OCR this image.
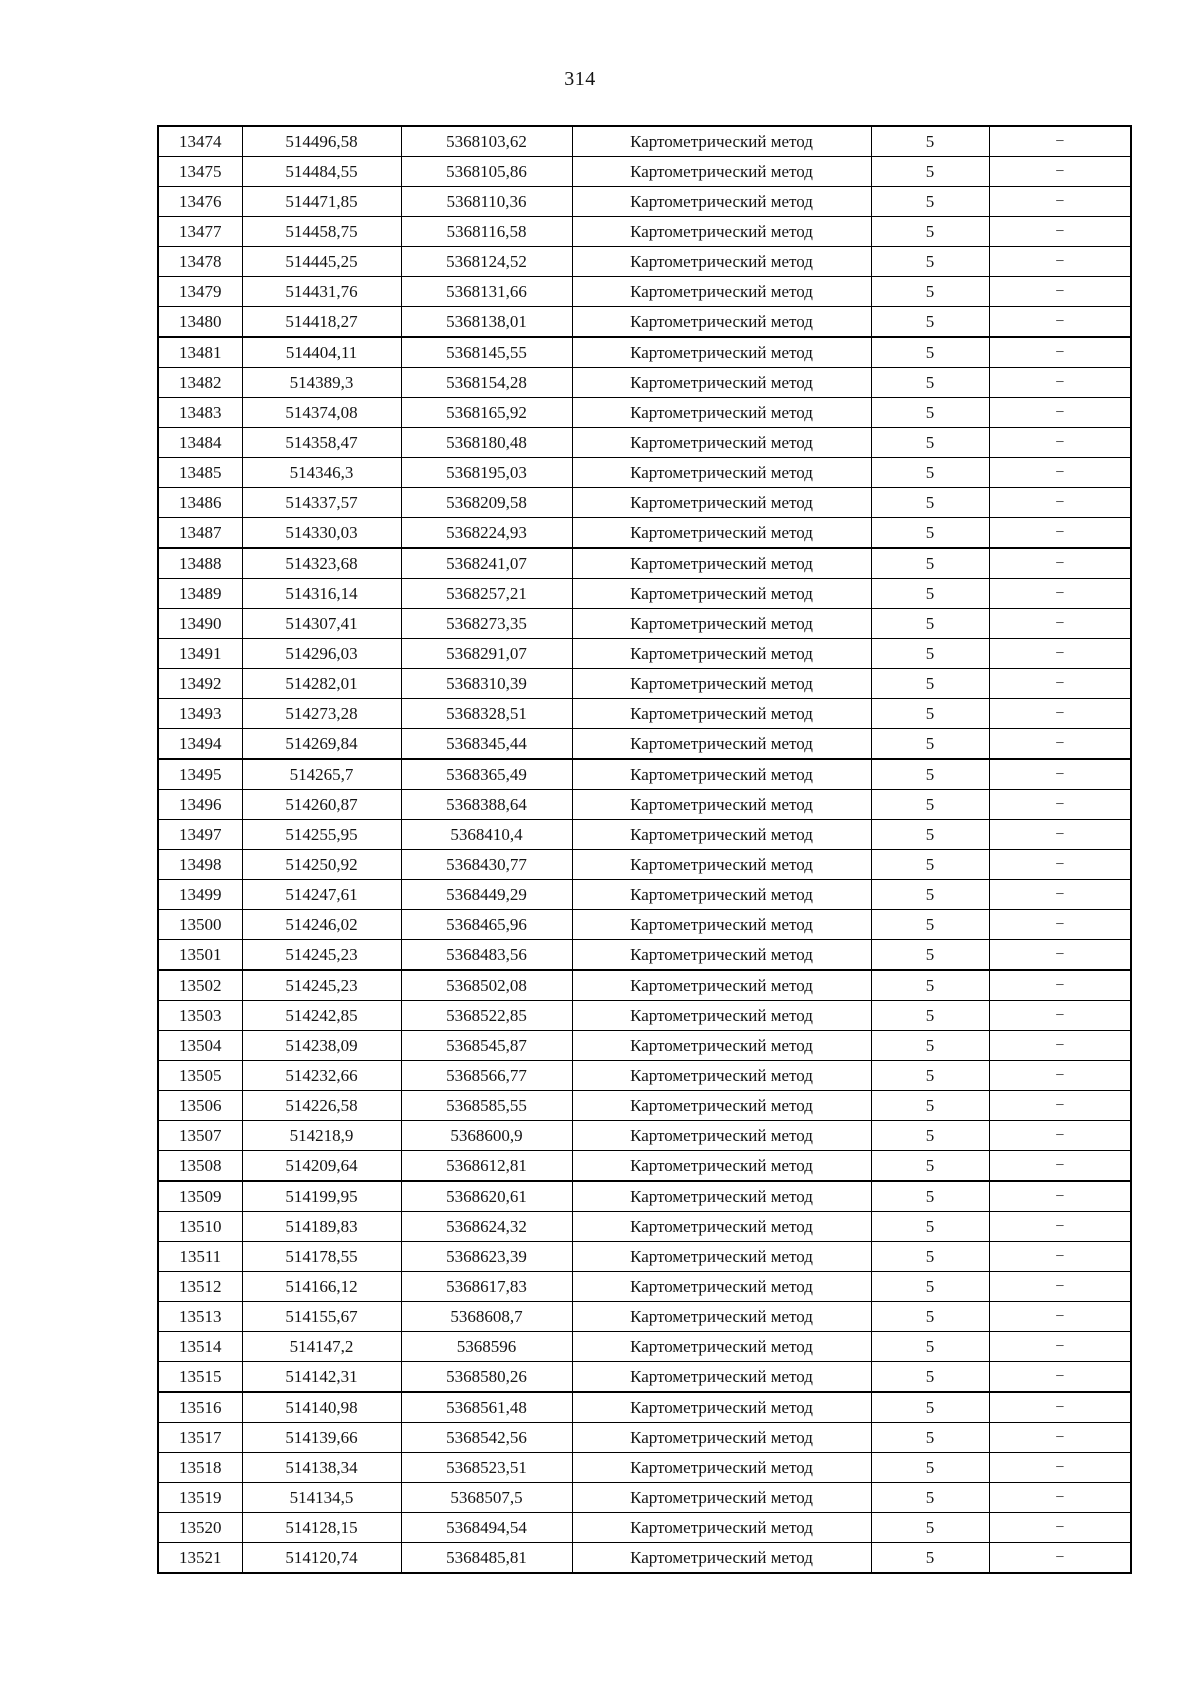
314
13474	514496,58	5368103,62	Картометрический метод	5	−
13475	514484,55	5368105,86	Картометрический метод	5	−
13476	514471,85	5368110,36	Картометрический метод	5	−
13477	514458,75	5368116,58	Картометрический метод	5	−
13478	514445,25	5368124,52	Картометрический метод	5	−
13479	514431,76	5368131,66	Картометрический метод	5	−
13480	514418,27	5368138,01	Картометрический метод	5	−
13481	514404,11	5368145,55	Картометрический метод	5	−
13482	514389,3	5368154,28	Картометрический метод	5	−
13483	514374,08	5368165,92	Картометрический метод	5	−
13484	514358,47	5368180,48	Картометрический метод	5	−
13485	514346,3	5368195,03	Картометрический метод	5	−
13486	514337,57	5368209,58	Картометрический метод	5	−
13487	514330,03	5368224,93	Картометрический метод	5	−
13488	514323,68	5368241,07	Картометрический метод	5	−
13489	514316,14	5368257,21	Картометрический метод	5	−
13490	514307,41	5368273,35	Картометрический метод	5	−
13491	514296,03	5368291,07	Картометрический метод	5	−
13492	514282,01	5368310,39	Картометрический метод	5	−
13493	514273,28	5368328,51	Картометрический метод	5	−
13494	514269,84	5368345,44	Картометрический метод	5	−
13495	514265,7	5368365,49	Картометрический метод	5	−
13496	514260,87	5368388,64	Картометрический метод	5	−
13497	514255,95	5368410,4	Картометрический метод	5	−
13498	514250,92	5368430,77	Картометрический метод	5	−
13499	514247,61	5368449,29	Картометрический метод	5	−
13500	514246,02	5368465,96	Картометрический метод	5	−
13501	514245,23	5368483,56	Картометрический метод	5	−
13502	514245,23	5368502,08	Картометрический метод	5	−
13503	514242,85	5368522,85	Картометрический метод	5	−
13504	514238,09	5368545,87	Картометрический метод	5	−
13505	514232,66	5368566,77	Картометрический метод	5	−
13506	514226,58	5368585,55	Картометрический метод	5	−
13507	514218,9	5368600,9	Картометрический метод	5	−
13508	514209,64	5368612,81	Картометрический метод	5	−
13509	514199,95	5368620,61	Картометрический метод	5	−
13510	514189,83	5368624,32	Картометрический метод	5	−
13511	514178,55	5368623,39	Картометрический метод	5	−
13512	514166,12	5368617,83	Картометрический метод	5	−
13513	514155,67	5368608,7	Картометрический метод	5	−
13514	514147,2	5368596	Картометрический метод	5	−
13515	514142,31	5368580,26	Картометрический метод	5	−
13516	514140,98	5368561,48	Картометрический метод	5	−
13517	514139,66	5368542,56	Картометрический метод	5	−
13518	514138,34	5368523,51	Картометрический метод	5	−
13519	514134,5	5368507,5	Картометрический метод	5	−
13520	514128,15	5368494,54	Картометрический метод	5	−
13521	514120,74	5368485,81	Картометрический метод	5	−
